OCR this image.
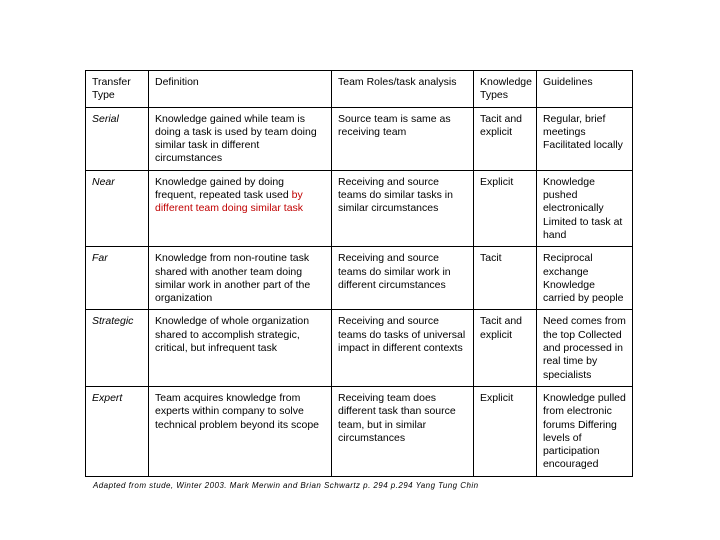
Transfer Type	Definition	Team Roles/task analysis	Knowledge Types	Guidelines
Serial	Knowledge gained while team is doing a task is used by team doing similar task in different circumstances	Source team is same as receiving team	Tacit and explicit	Regular, brief meetings Facilitated locally
Near	Knowledge gained by doing frequent, repeated task used by different team doing similar task	Receiving and source teams do similar tasks in similar circumstances	Explicit	Knowledge pushed electronically Limited to task at hand
Far	Knowledge from non-routine task shared with another team doing similar work in another part of the organization	Receiving and source teams do similar work in different circumstances	Tacit	Reciprocal exchange Knowledge carried by people
Strategic	Knowledge of whole organization shared to accomplish strategic, critical, but infrequent task	Receiving and source teams do tasks of universal impact in different contexts	Tacit and explicit	Need comes from the top Collected and processed in real time by specialists
Expert	Team acquires knowledge from experts within company to solve technical problem beyond its scope	Receiving team does different task than source team, but in similar circumstances	Explicit	Knowledge pulled from electronic forums Differing levels of participation encouraged
Adapted from stude, Winter 2003. Mark Merwin and Brian Schwartz p. 294 p.294 Yang Tung Chin
